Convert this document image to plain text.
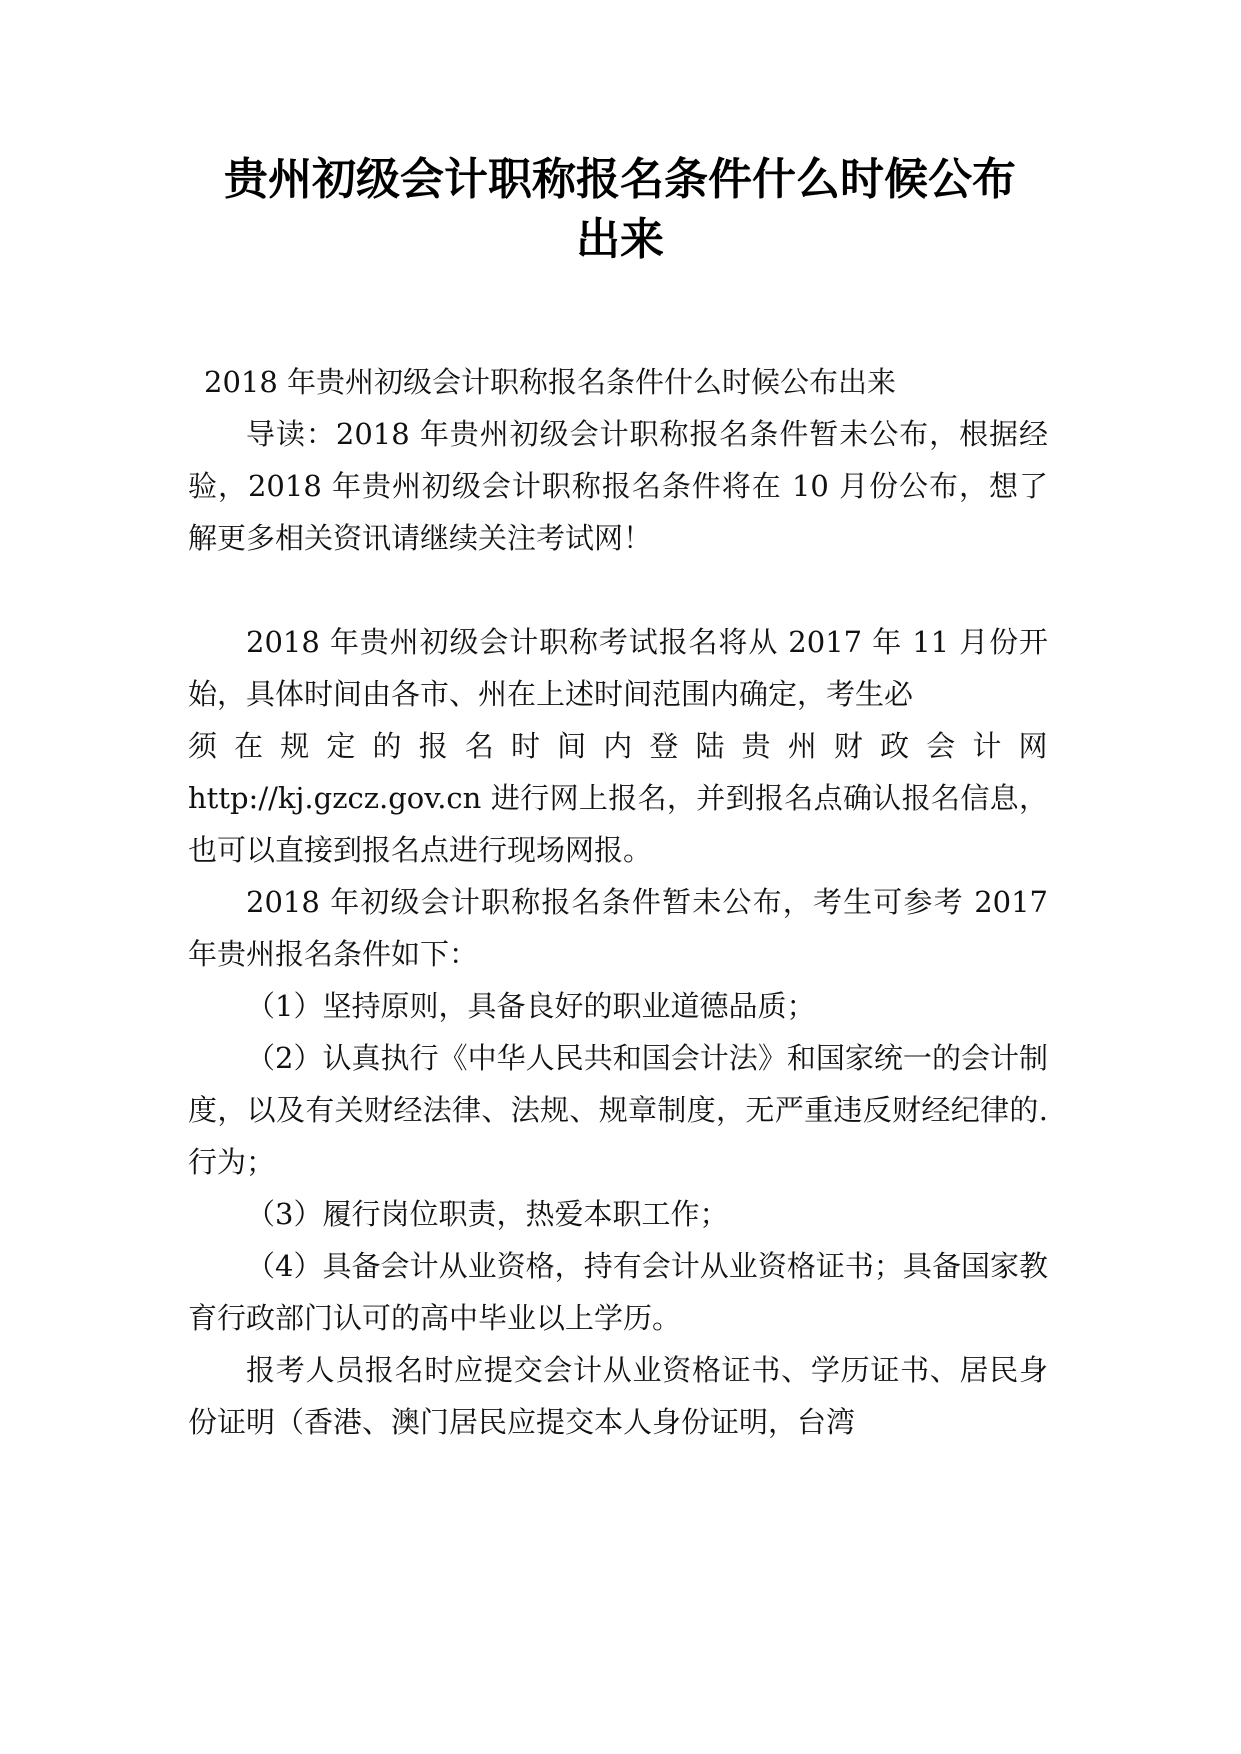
贵州初级会计职称报名条件什么时候公布
出来

2018 年贵州初级会计职称报名条件什么时候公布出来

导读：2018 年贵州初级会计职称报名条件暂未公布，根据经验，2018 年贵州初级会计职称报名条件将在 10 月份公布，想了解更多相关资讯请继续关注考试网！

2018 年贵州初级会计职称考试报名将从 2017 年 11 月份开始，具体时间由各市、州在上述时间范围内确定，考生必

须在规定的报名时间内登陆贵州财政会计网

http://kj.gzcz.gov.cn 进行网上报名，并到报名点确认报名信息，也可以直接到报名点进行现场网报。

2018 年初级会计职称报名条件暂未公布，考生可参考 2017 年贵州报名条件如下：

（1）坚持原则，具备良好的职业道德品质；

（2）认真执行《中华人民共和国会计法》和国家统一的会计制度，以及有关财经法律、法规、规章制度，无严重违反财经纪律的.行为；

（3）履行岗位职责，热爱本职工作；

（4）具备会计从业资格，持有会计从业资格证书；具备国家教育行政部门认可的高中毕业以上学历。

报考人员报名时应提交会计从业资格证书、学历证书、居民身份证明（香港、澳门居民应提交本人身份证明，台湾
